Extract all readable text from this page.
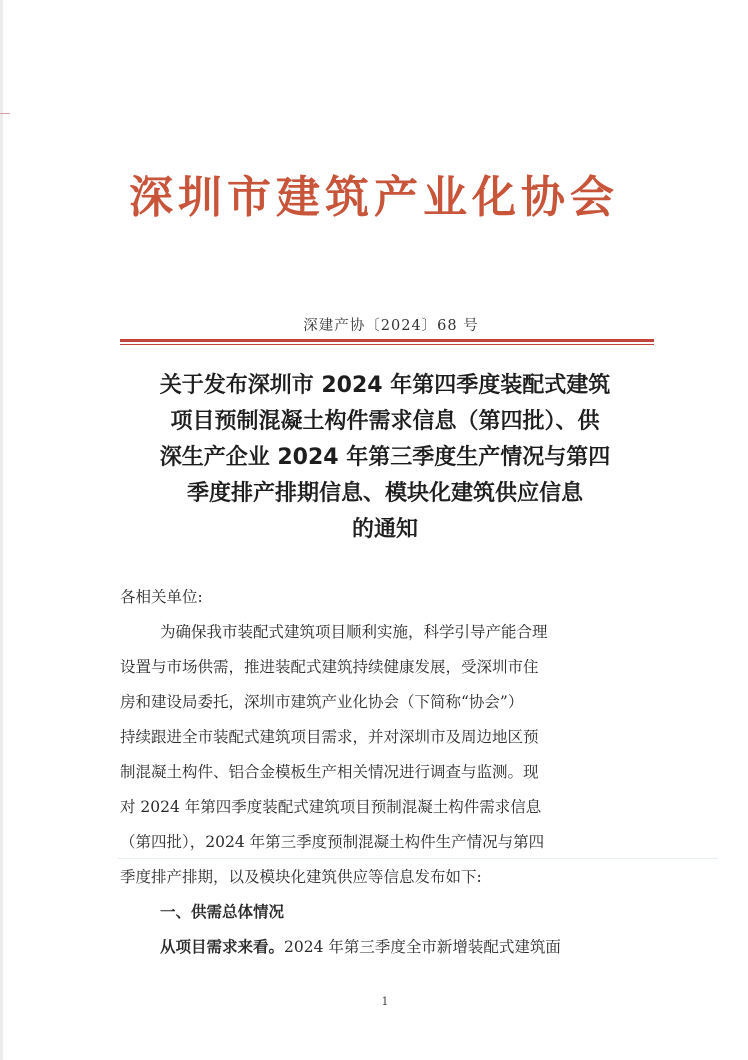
深圳市建筑产业化协会
深建产协〔2024〕68 号
关于发布深圳市 2024 年第四季度装配式建筑
项目预制混凝土构件需求信息（第四批）、供
深生产企业 2024 年第三季度生产情况与第四
季度排产排期信息、模块化建筑供应信息
的通知
各相关单位:
为确保我市装配式建筑项目顺利实施，科学引导产能合理
设置与市场供需，推进装配式建筑持续健康发展，受深圳市住
房和建设局委托，深圳市建筑产业化协会（下简称“协会”）
持续跟进全市装配式建筑项目需求，并对深圳市及周边地区预
制混凝土构件、铝合金模板生产相关情况进行调查与监测。现
对 2024 年第四季度装配式建筑项目预制混凝土构件需求信息
（第四批），2024 年第三季度预制混凝土构件生产情况与第四
季度排产排期，以及模块化建筑供应等信息发布如下:
一、供需总体情况
从项目需求来看。2024 年第三季度全市新增装配式建筑面
1
